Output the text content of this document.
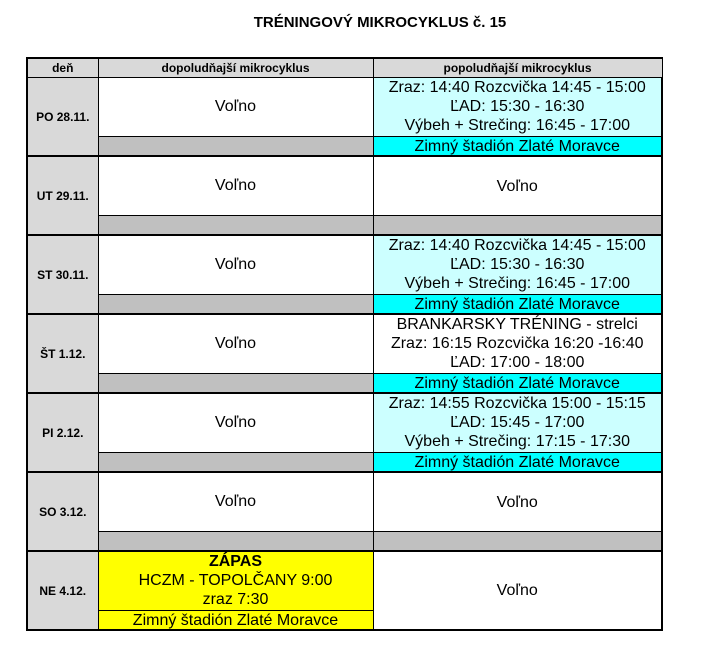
TRÉNINGOVÝ MIKROCYKLUS č. 15
deň	dopoludňajší mikrocyklus	popoludňajší mikrocyklus
PO 28.11.	Voľno	Zraz: 14:40 Rozcvička 14:45 - 15:00
ĽAD: 15:30 - 16:30
Výbeh + Strečing: 16:45 - 17:00

		Zimný štadión Zlaté Moravce
UT 29.11.	Voľno	Voľno

ST 30.11.	Voľno	Zraz: 14:40 Rozcvička 14:45 - 15:00
ĽAD: 15:30 - 16:30
Výbeh + Strečing: 16:45 - 17:00

		Zimný štadión Zlaté Moravce
ŠT 1.12.	Voľno	BRANKARSKY TRÉNING - strelci
Zraz: 16:15 Rozcvička 16:20 -16:40
ĽAD: 17:00 - 18:00

		Zimný štadión Zlaté Moravce
PI 2.12.	Voľno	Zraz: 14:55 Rozcvička 15:00 - 15:15
ĽAD: 15:45 - 17:00
Výbeh + Strečing: 17:15 - 17:30

		Zimný štadión Zlaté Moravce
SO 3.12.	Voľno	Voľno

NE 4.12.	ZÁPAS
HCZM - TOPOLČANY 9:00
zraz 7:30	Voľno
	Zimný štadión Zlaté Moravce	
